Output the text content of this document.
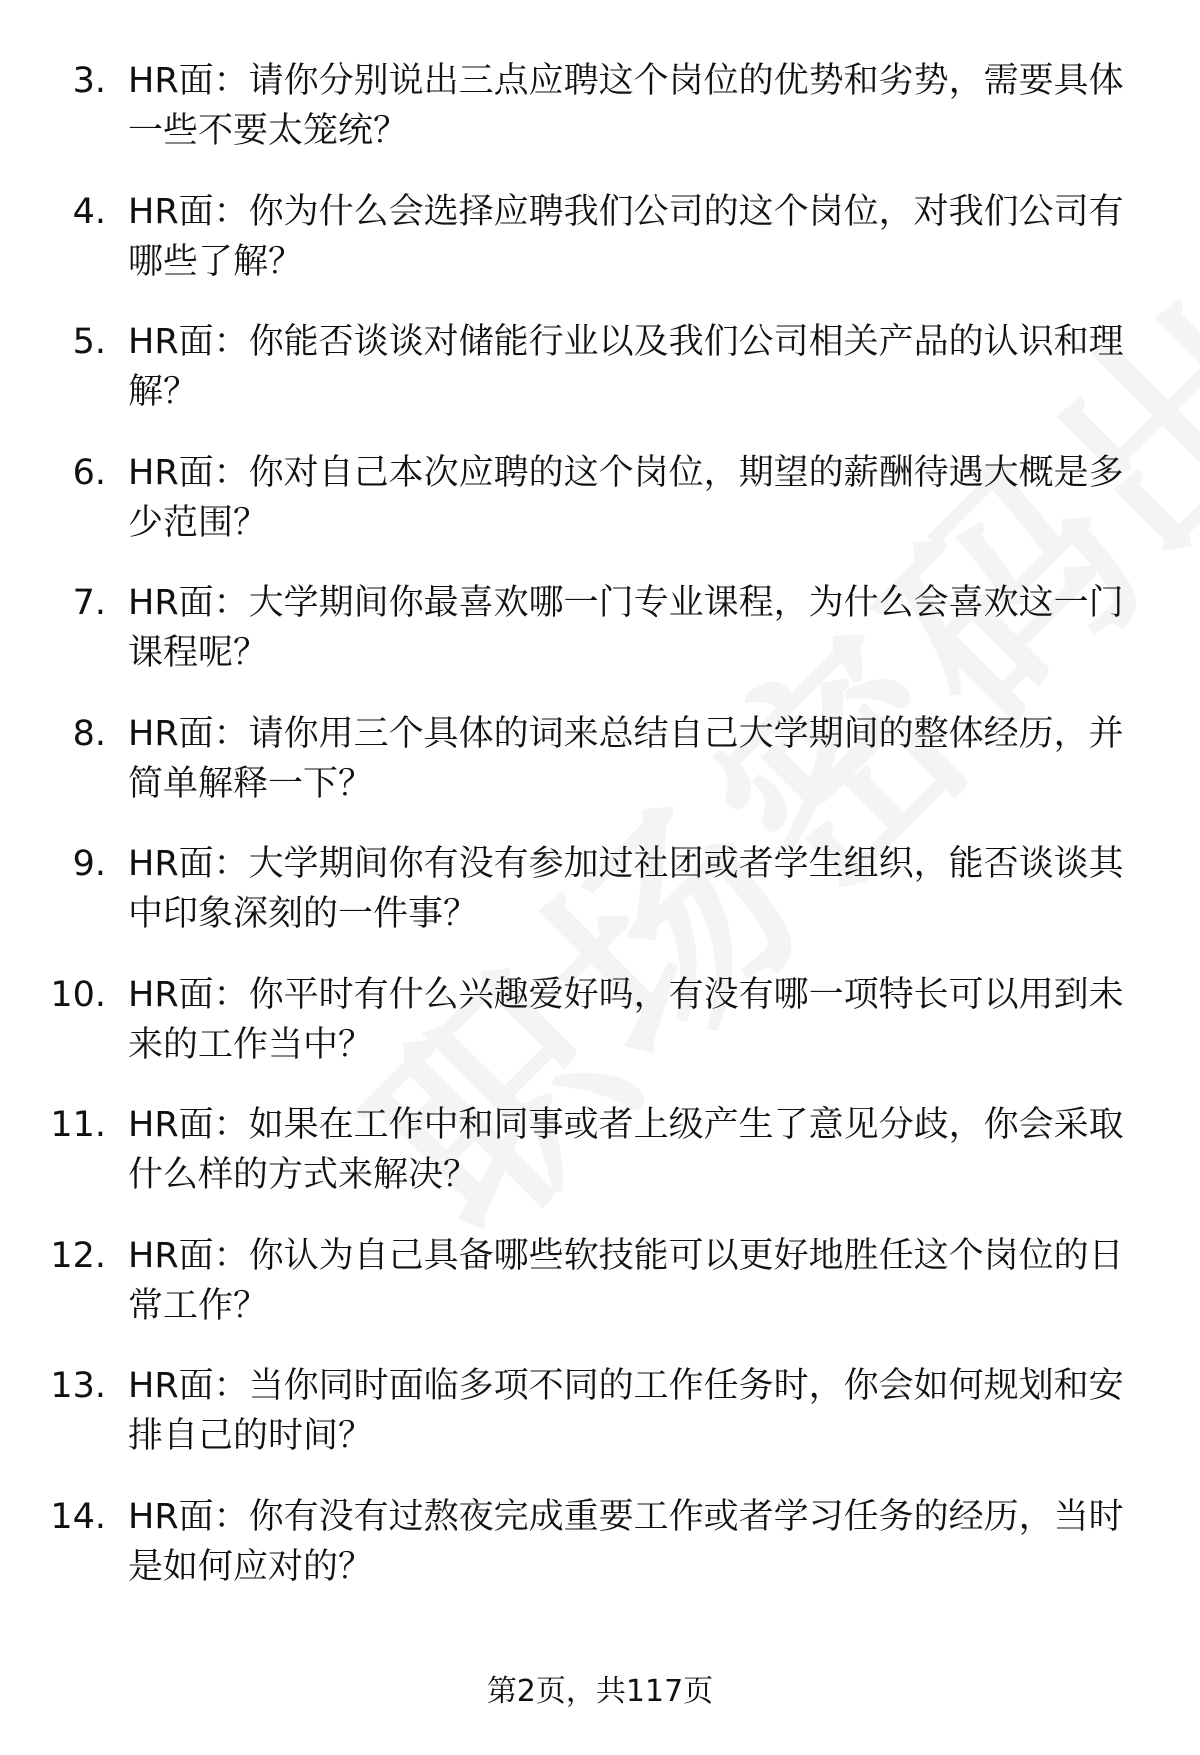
3. HR面：请你分别说出三点应聘这个岗位的优势和劣势，需要具体一些不要太笼统？
4. HR面：你为什么会选择应聘我们公司的这个岗位，对我们公司有哪些了解？
5. HR面：你能否谈谈对储能行业以及我们公司相关产品的认识和理解？
6. HR面：你对自己本次应聘的这个岗位，期望的薪酬待遇大概是多少范围？
7. HR面：大学期间你最喜欢哪一门专业课程，为什么会喜欢这一门课程呢？
8. HR面：请你用三个具体的词来总结自己大学期间的整体经历，并简单解释一下？
9. HR面：大学期间你有没有参加过社团或者学生组织，能否谈谈其中印象深刻的一件事？
10. HR面：你平时有什么兴趣爱好吗，有没有哪一项特长可以用到未来的工作当中？
11. HR面：如果在工作中和同事或者上级产生了意见分歧，你会采取什么样的方式来解决？
12. HR面：你认为自己具备哪些软技能可以更好地胜任这个岗位的日常工作？
13. HR面：当你同时面临多项不同的工作任务时，你会如何规划和安排自己的时间？
14. HR面：你有没有过熬夜完成重要工作或者学习任务的经历，当时是如何应对的？
第2页，共117页
